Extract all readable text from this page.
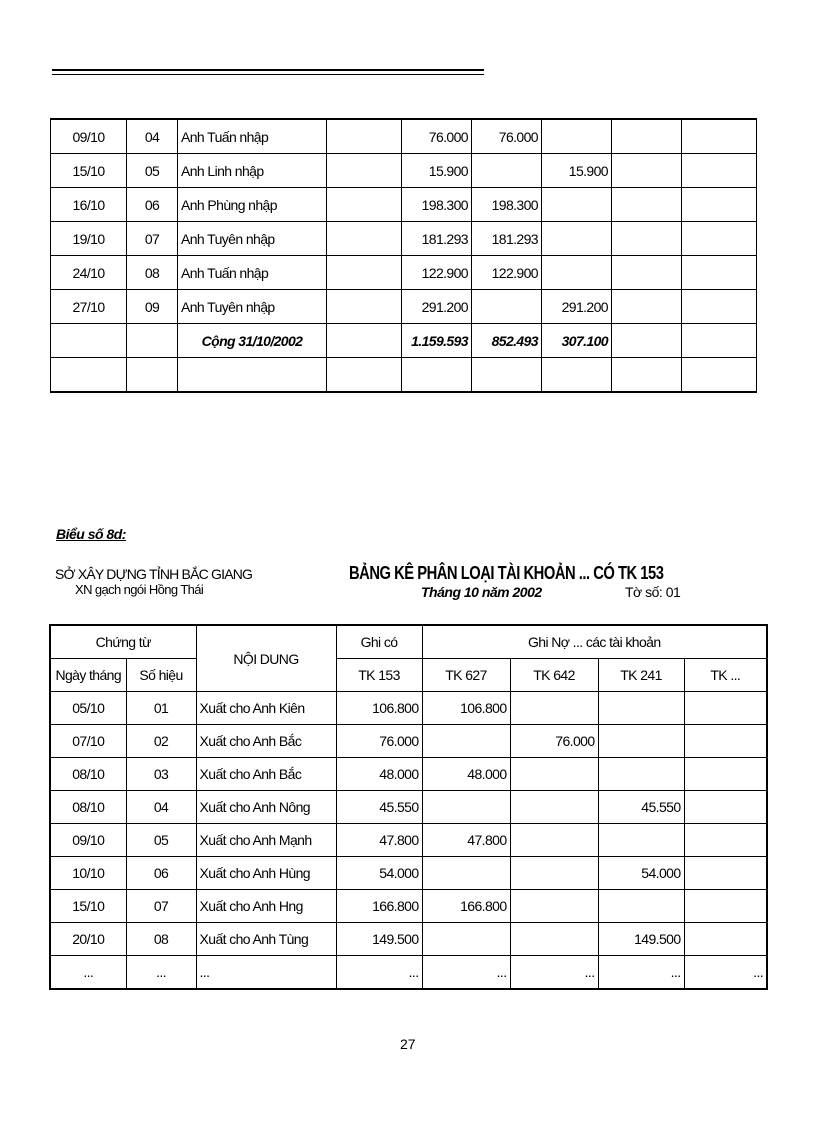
09/10	04	Anh Tuấn nhập		76.000	76.000			
15/10	05	Anh Linh nhập		15.900		15.900		
16/10	06	Anh Phùng nhập		198.300	198.300			
19/10	07	Anh Tuyên nhập		181.293	181.293			
24/10	08	Anh Tuấn nhập		122.900	122.900			
27/10	09	Anh Tuyên nhập		291.200		291.200		
		Cộng 31/10/2002		1.159.593	852.493	307.100		

Biểu số 8d:
SỞ XÂY DỰNG TỈNH BẮC GIANG
XN gạch ngói Hồng Thái
BẢNG KÊ PHÂN LOẠI TÀI KHOẢN ... CÓ TK 153
Tháng 10 năm 2002	Tờ số: 01
Chứng từ		NỘI DUNG	Ghi có	Ghi Nợ ... các tài khoản			
Ngày tháng	Số hiệu		TK 153	TK 627	TK 642	TK 241	TK ...
05/10	01	Xuất cho Anh Kiên	106.800	106.800			
07/10	02	Xuất cho Anh Bắc	76.000		76.000		
08/10	03	Xuất cho Anh Bắc	48.000	48.000			
08/10	04	Xuất cho Anh Nông	45.550			45.550	
09/10	05	Xuất cho Anh Mạnh	47.800	47.800			
10/10	06	Xuất cho Anh Hùng	54.000			54.000	
15/10	07	Xuất cho Anh Hng	166.800	166.800			
20/10	08	Xuất cho Anh Tùng	149.500			149.500	
...	...	...	...	...	...	...	...
27
